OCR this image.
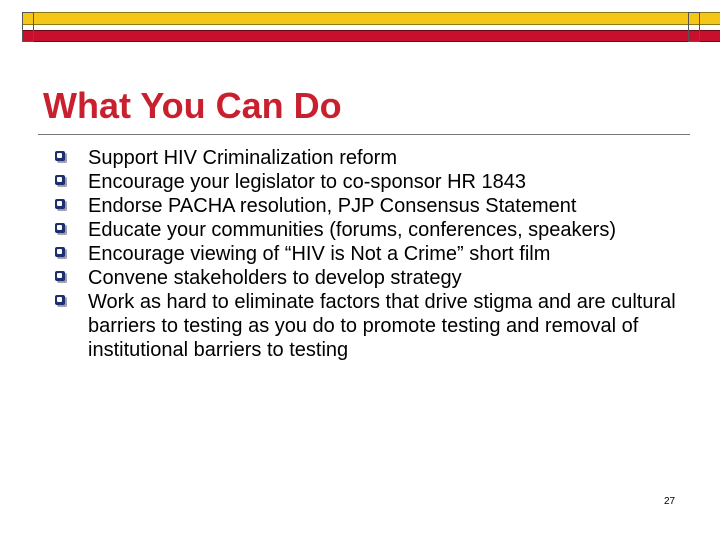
What You Can Do
Support HIV Criminalization reform
Encourage your legislator to co-sponsor HR 1843
Endorse PACHA resolution, PJP Consensus Statement
Educate your communities (forums, conferences, speakers)
Encourage viewing of “HIV is Not a Crime” short film
Convene stakeholders to develop strategy
Work as hard to eliminate factors that drive stigma and are cultural barriers to testing as you do to promote testing and removal of institutional barriers to testing
27
